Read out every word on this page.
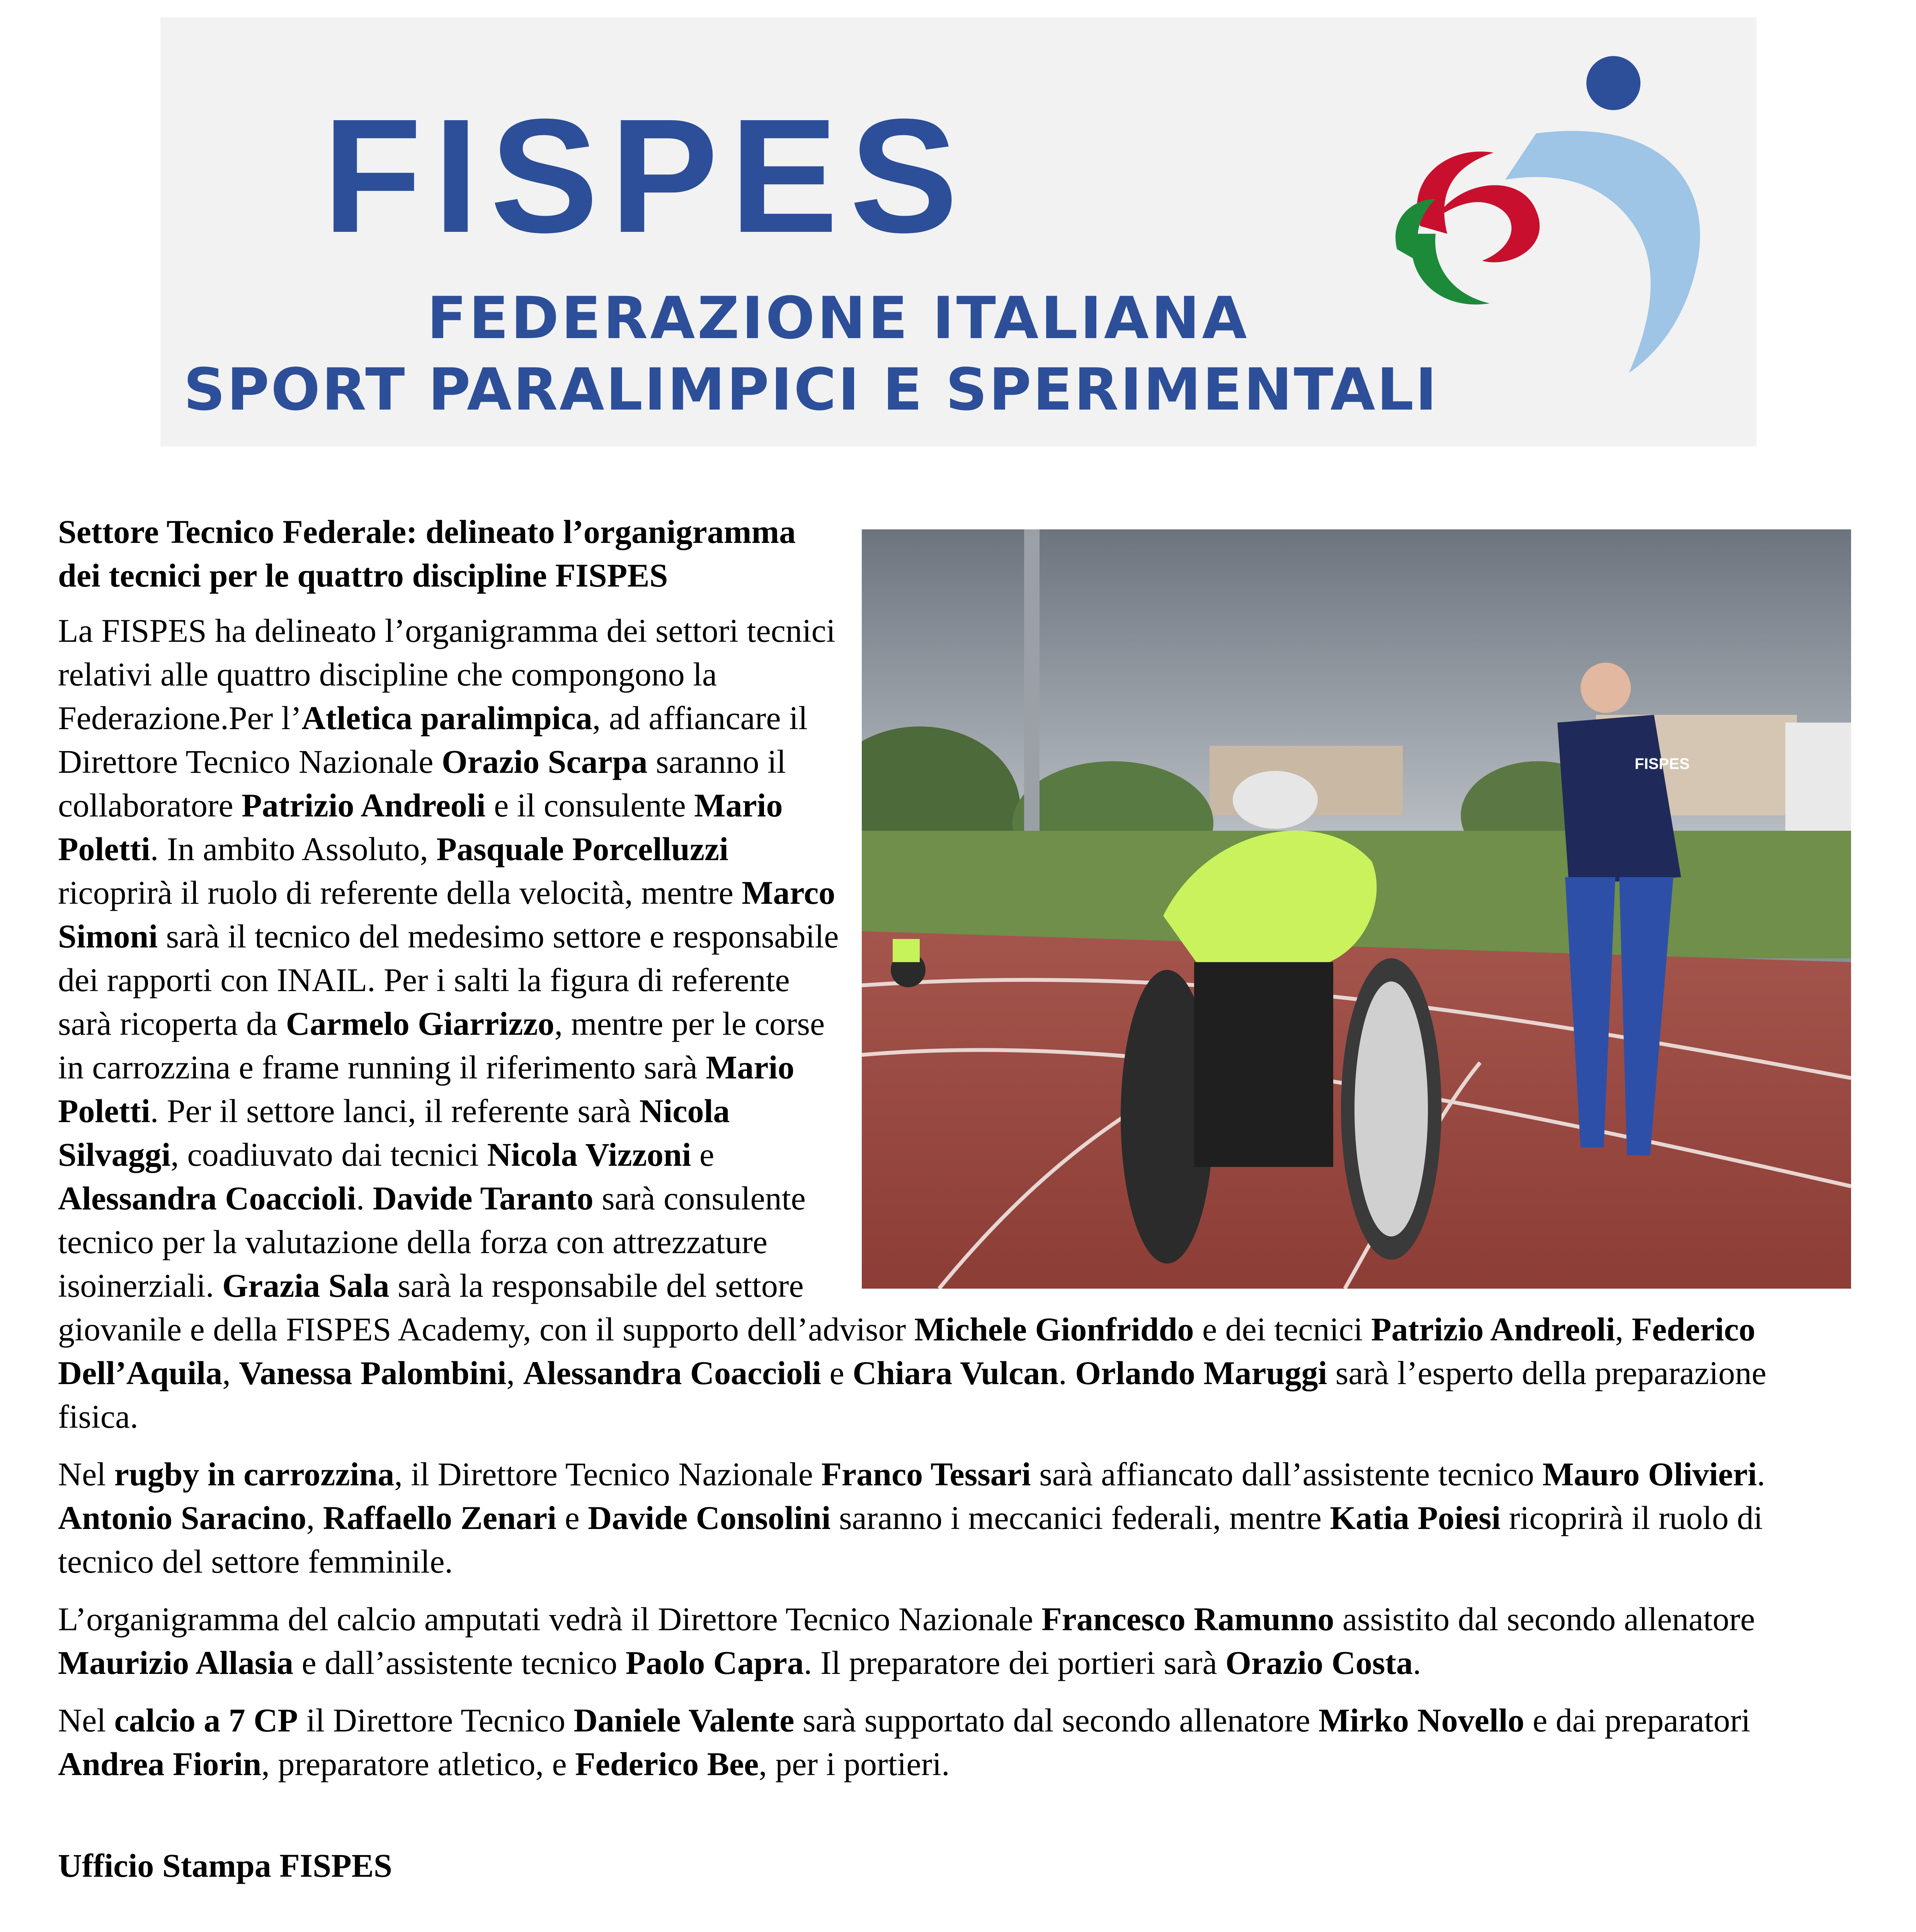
FISPES
FEDERAZIONE ITALIANA
SPORT PARALIMPICI E SPERIMENTALI
FISPES
Settore Tecnico Federale: delineato l’organigramma dei tecnici per le quattro discipline FISPES

La FISPES ha delineato l’organigramma dei settori tecnici relativi alle quattro discipline che compongono la Federazione.Per l’Atletica paralimpica, ad affiancare il Direttore Tecnico Nazionale Orazio Scarpa saranno il collaboratore Patrizio Andreoli e il consulente Mario Poletti. In ambito Assoluto, Pasquale Porcelluzzi ricoprirà il ruolo di referente della velocità, mentre Marco Simoni sarà il tecnico del medesimo settore e responsabile dei rapporti con INAIL. Per i salti la figura di referente sarà ricoperta da Carmelo Giarrizzo, mentre per le corse in carrozzina e frame running il riferimento sarà Mario Poletti. Per il settore lanci, il referente sarà Nicola Silvaggi, coadiuvato dai tecnici Nicola Vizzoni e Alessandra Coaccioli. Davide Taranto sarà consulente tecnico per la valutazione della forza con attrezzature isoinerziali. Grazia Sala sarà la responsabile del settore giovanile e della FISPES Academy, con il supporto dell’advisor Michele Gionfriddo e dei tecnici Patrizio Andreoli, Federico Dell’Aquila, Vanessa Palombini, Alessandra Coaccioli e Chiara Vulcan. Orlando Maruggi sarà l’esperto della preparazione fisica.

Nel rugby in carrozzina, il Direttore Tecnico Nazionale Franco Tessari sarà affiancato dall’assistente tecnico Mauro Olivieri. Antonio Saracino, Raffaello Zenari e Davide Consolini saranno i meccanici federali, mentre Katia Poiesi ricoprirà il ruolo di tecnico del settore femminile.

L’organigramma del calcio amputati vedrà il Direttore Tecnico Nazionale Francesco Ramunno assistito dal secondo allenatore Maurizio Allasia e dall’assistente tecnico Paolo Capra. Il preparatore dei portieri sarà Orazio Costa.

Nel calcio a 7 CP il Direttore Tecnico Daniele Valente sarà supportato dal secondo allenatore Mirko Novello e dai preparatori Andrea Fiorin, preparatore atletico, e Federico Bee, per i portieri.

Ufficio Stampa FISPES
